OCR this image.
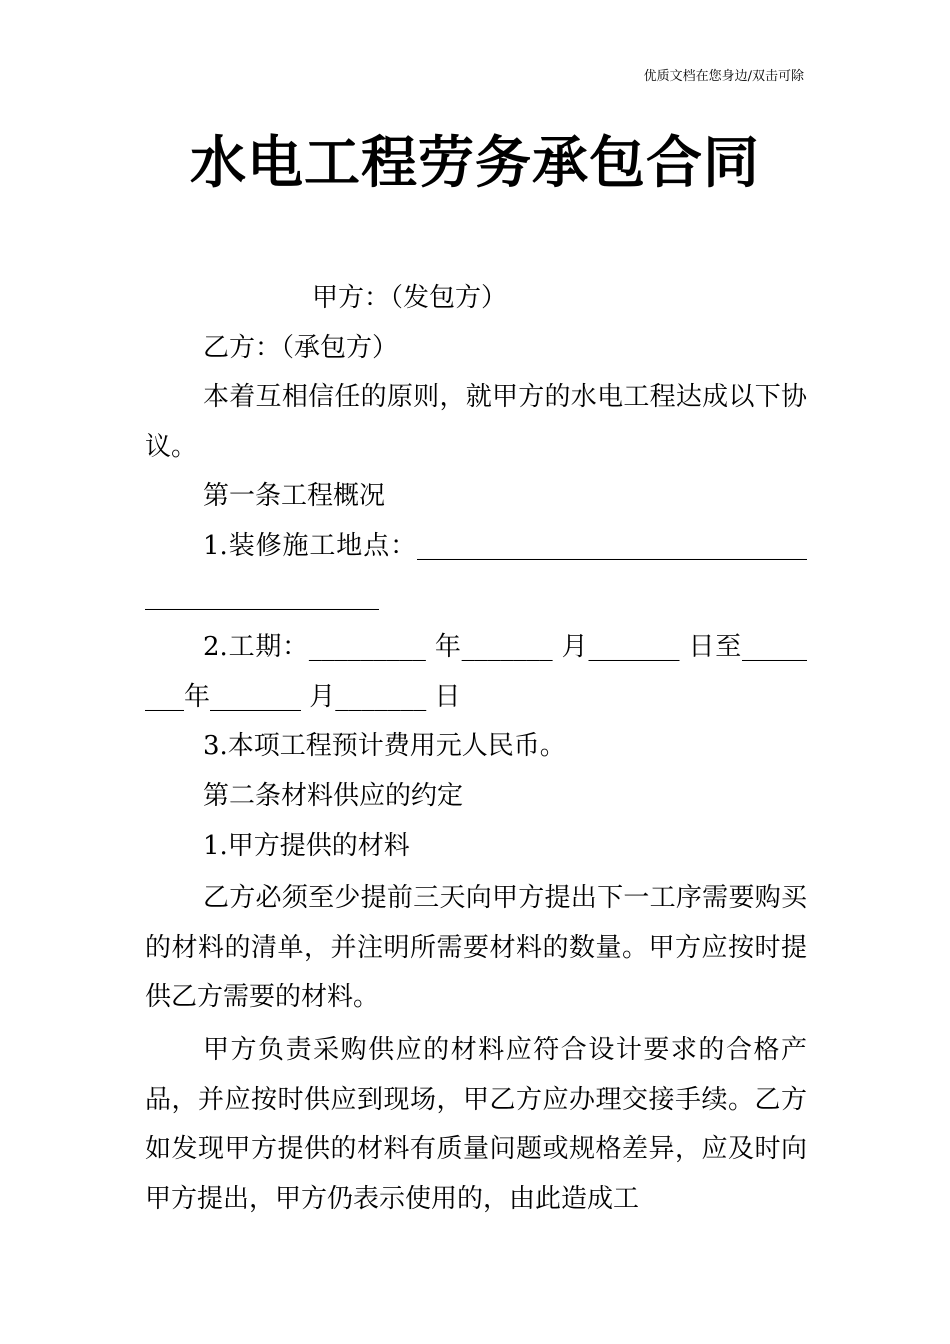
优质文档在您身边/双击可除
水电工程劳务承包合同

甲方：（发包方）

乙方：（承包方）

本着互相信任的原则，就甲方的水电工程达成以下协议。

第一条工程概况

1.装修施工地点：________________________________________________

2.工期：_________ 年_______ 月_______ 日至________年_______ 月_______ 日

3.本项工程预计费用元人民币。

第二条材料供应的约定

1.甲方提供的材料

乙方必须至少提前三天向甲方提出下一工序需要购买的材料的清单，并注明所需要材料的数量。甲方应按时提供乙方需要的材料。

甲方负责采购供应的材料应符合设计要求的合格产品，并应按时供应到现场，甲乙方应办理交接手续。乙方如发现甲方提供的材料有质量问题或规格差异，应及时向甲方提出，甲方仍表示使用的，由此造成工
